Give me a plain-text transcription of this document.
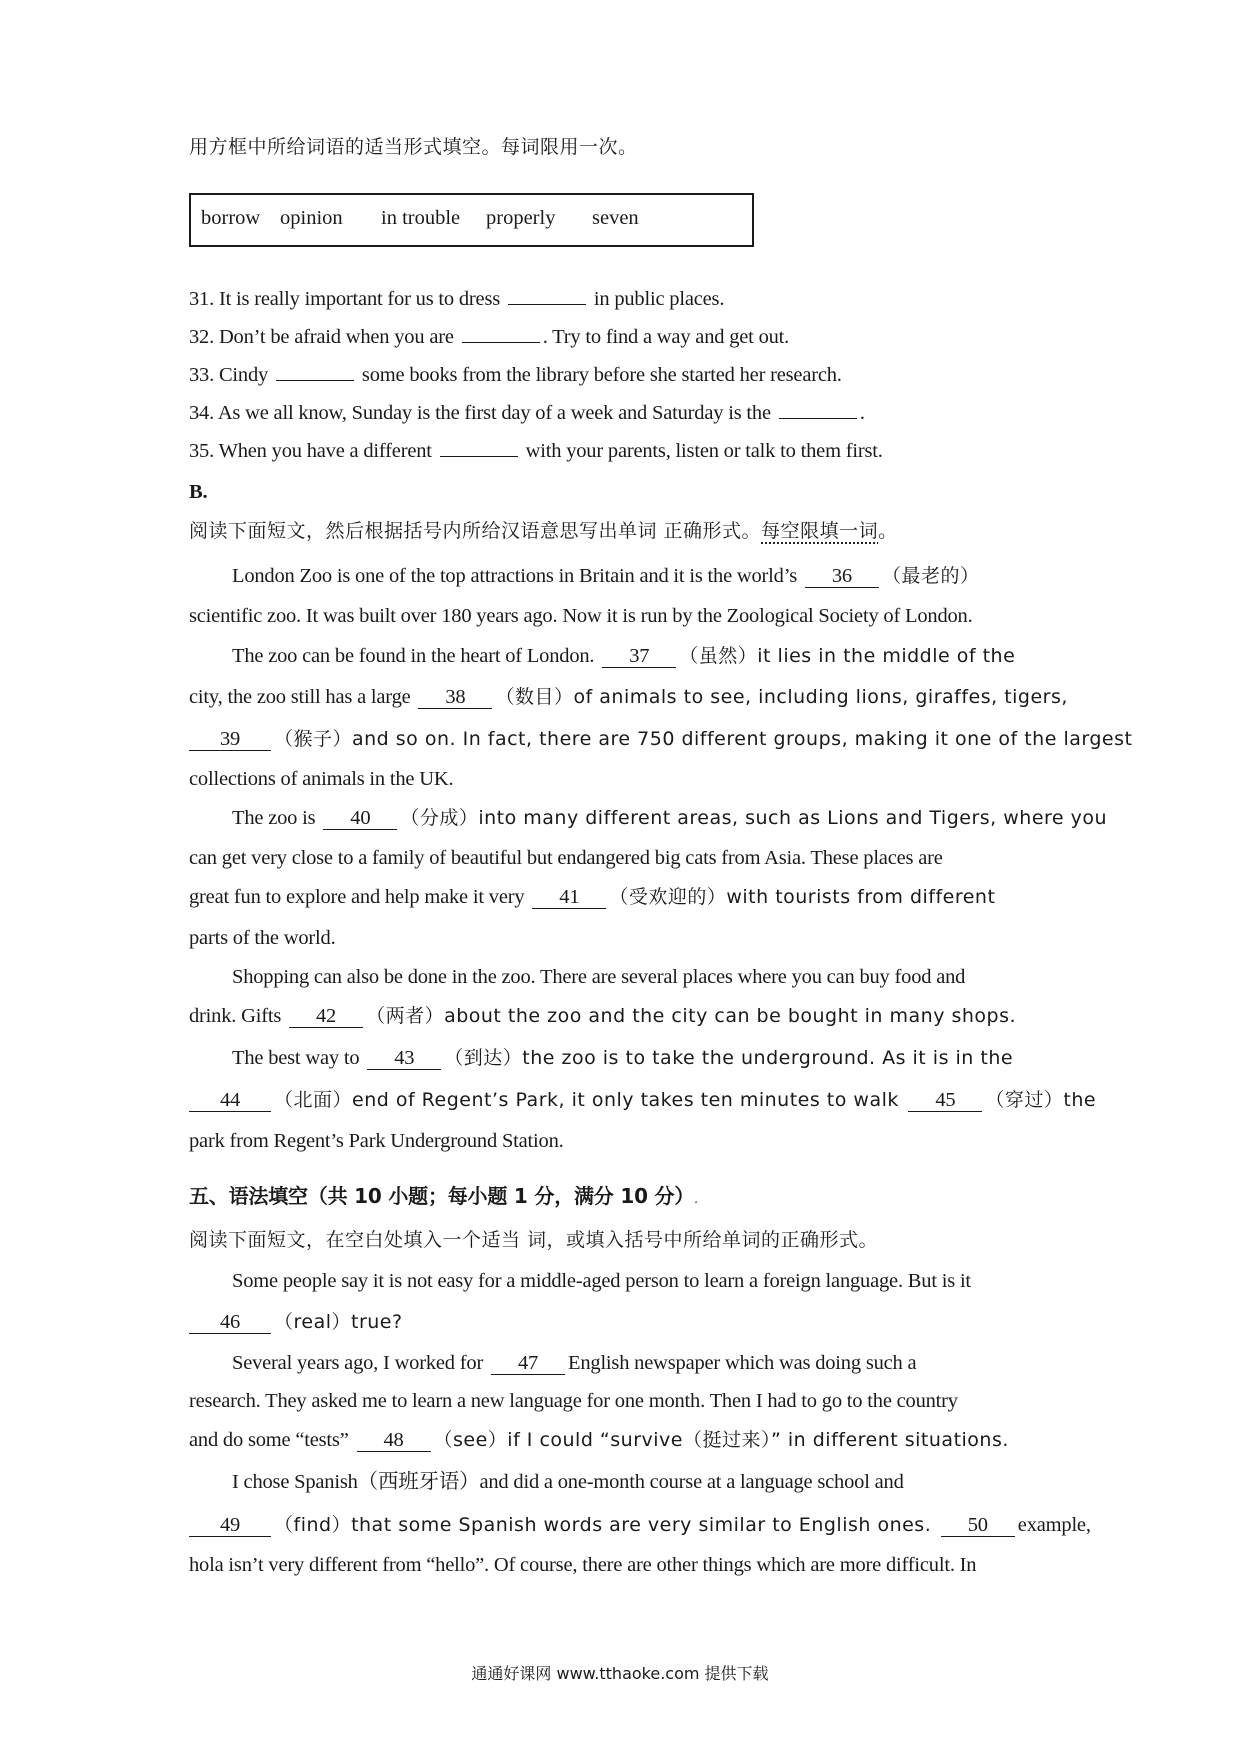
用方框中所给词语的适当形式填空。每词限用一次。
borrow opinion in trouble properly seven
31. It is really important for us to dress	in public places.
32. Don’t be afraid when you are	. Try to find a way and get out.
33. Cindy	some books from the library before she started her research.
34. As we all know, Sunday is the first day of a week and Saturday is the	.
35. When you have a different	with your parents, listen or talk to them first.
B.
阅读下面短文，然后根据括号内所给汉语意思写出单词 正确形式。每空限填一词。
London Zoo is one of the top attractions in Britain and it is the world’s 36 （最老的）
scientific zoo. It was built over 180 years ago. Now it is run by the Zoological Society of London.
The zoo can be found in the heart of London. 37 （虽然）it lies in the middle of the
city, the zoo still has a large 38 （数目）of animals to see, including lions, giraffes, tigers,
39 （猴子）and so on. In fact, there are 750 different groups, making it one of the largest
collections of animals in the UK.
The zoo is 40 （分成）into many different areas, such as Lions and Tigers, where you
can get very close to a family of beautiful but endangered big cats from Asia. These places are
great fun to explore and help make it very 41 （受欢迎的）with tourists from different
parts of the world.
Shopping can also be done in the zoo. There are several places where you can buy food and
drink. Gifts 42 （两者）about the zoo and the city can be bought in many shops.
The best way to 43 （到达）the zoo is to take the underground. As it is in the
44 （北面）end of Regent’s Park, it only takes ten minutes to walk 45 （穿过）the
park from Regent’s Park Underground Station.
五、语法填空（共 10 小题；每小题 1 分，满分 10 分）.
阅读下面短文，在空白处填入一个适当 词，或填入括号中所给单词的正确形式。
Some people say it is not easy for a middle-aged person to learn a foreign language. But is it
46 （real）true?
Several years ago, I worked for 47 English newspaper which was doing such a
research. They asked me to learn a new language for one month. Then I had to go to the country
and do some “tests” 48 （see）if I could “survive（挺过来）” in different situations.
I chose Spanish（西班牙语）and did a one-month course at a language school and
49 （find）that some Spanish words are very similar to English ones. 50 example,
hola isn’t very different from “hello”. Of course, there are other things which are more difficult. In
通通好课网 www.tthaoke.com 提供下载
